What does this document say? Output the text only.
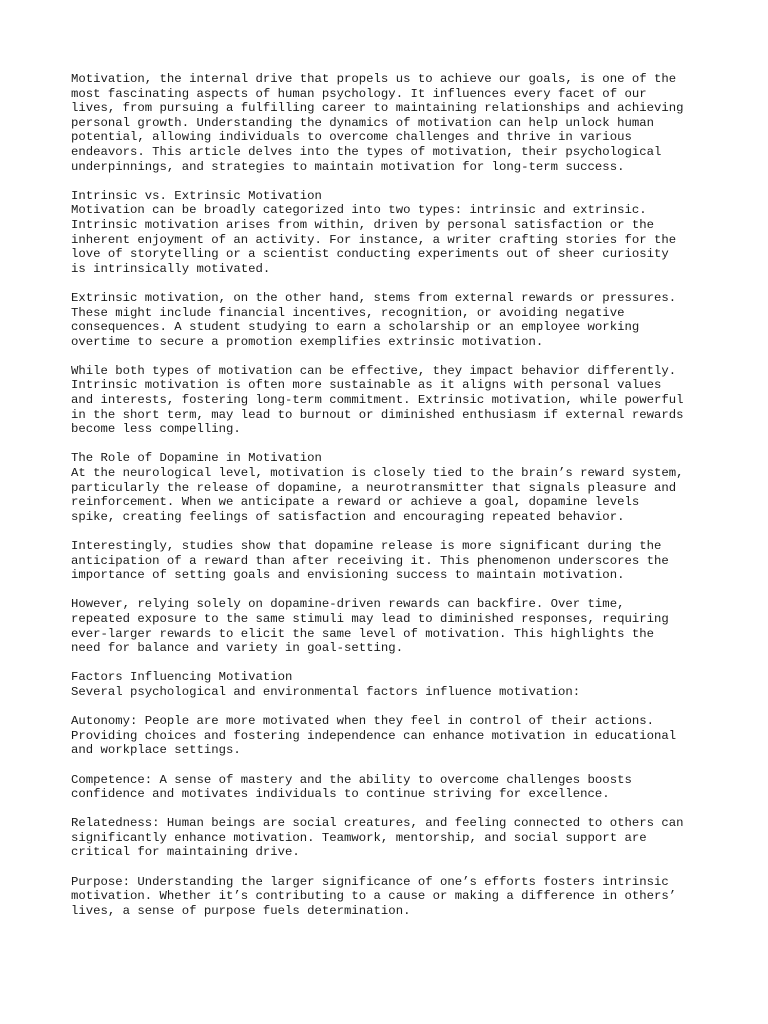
Motivation, the internal drive that propels us to achieve our goals, is one of the
most fascinating aspects of human psychology. It influences every facet of our
lives, from pursuing a fulfilling career to maintaining relationships and achieving
personal growth. Understanding the dynamics of motivation can help unlock human
potential, allowing individuals to overcome challenges and thrive in various
endeavors. This article delves into the types of motivation, their psychological
underpinnings, and strategies to maintain motivation for long-term success.

Intrinsic vs. Extrinsic Motivation

Motivation can be broadly categorized into two types: intrinsic and extrinsic.
Intrinsic motivation arises from within, driven by personal satisfaction or the
inherent enjoyment of an activity. For instance, a writer crafting stories for the
love of storytelling or a scientist conducting experiments out of sheer curiosity
is intrinsically motivated.

Extrinsic motivation, on the other hand, stems from external rewards or pressures.
These might include financial incentives, recognition, or avoiding negative
consequences. A student studying to earn a scholarship or an employee working
overtime to secure a promotion exemplifies extrinsic motivation.

While both types of motivation can be effective, they impact behavior differently.
Intrinsic motivation is often more sustainable as it aligns with personal values
and interests, fostering long-term commitment. Extrinsic motivation, while powerful
in the short term, may lead to burnout or diminished enthusiasm if external rewards
become less compelling.

The Role of Dopamine in Motivation

At the neurological level, motivation is closely tied to the brain’s reward system,
particularly the release of dopamine, a neurotransmitter that signals pleasure and
reinforcement. When we anticipate a reward or achieve a goal, dopamine levels
spike, creating feelings of satisfaction and encouraging repeated behavior.

Interestingly, studies show that dopamine release is more significant during the
anticipation of a reward than after receiving it. This phenomenon underscores the
importance of setting goals and envisioning success to maintain motivation.

However, relying solely on dopamine-driven rewards can backfire. Over time,
repeated exposure to the same stimuli may lead to diminished responses, requiring
ever-larger rewards to elicit the same level of motivation. This highlights the
need for balance and variety in goal-setting.

Factors Influencing Motivation

Several psychological and environmental factors influence motivation:

Autonomy: People are more motivated when they feel in control of their actions.
Providing choices and fostering independence can enhance motivation in educational
and workplace settings.

Competence: A sense of mastery and the ability to overcome challenges boosts
confidence and motivates individuals to continue striving for excellence.

Relatedness: Human beings are social creatures, and feeling connected to others can
significantly enhance motivation. Teamwork, mentorship, and social support are
critical for maintaining drive.

Purpose: Understanding the larger significance of one’s efforts fosters intrinsic
motivation. Whether it’s contributing to a cause or making a difference in others’
lives, a sense of purpose fuels determination.
